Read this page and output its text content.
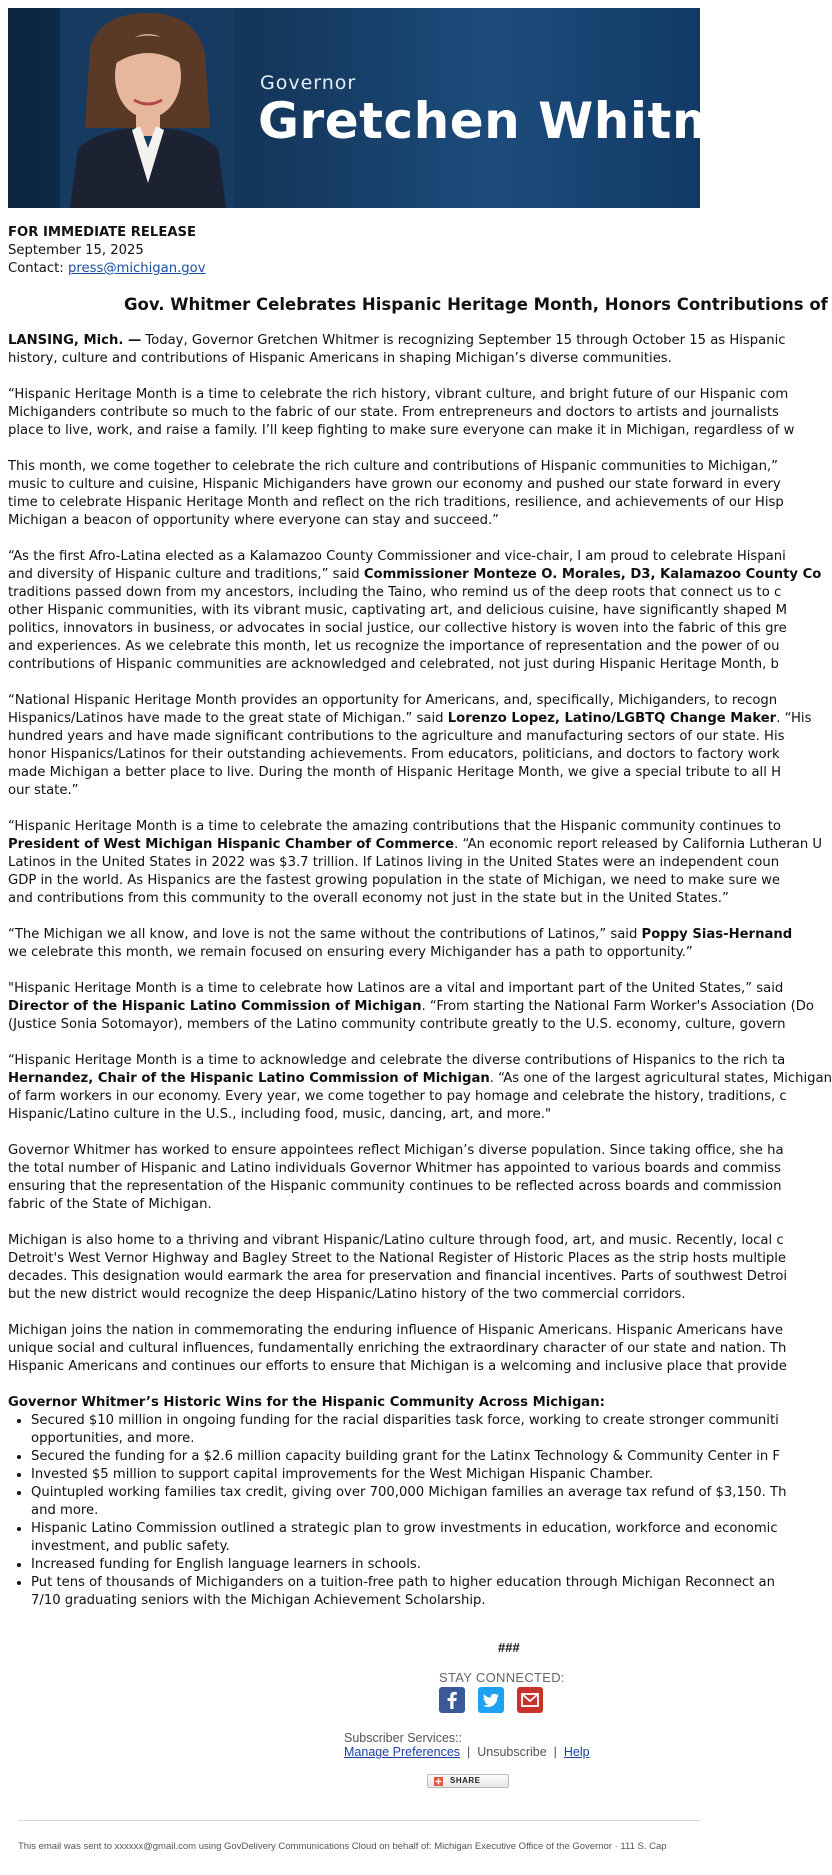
Governor
Gretchen Whitmer
FOR IMMEDIATE RELEASE
September 15, 2025
Contact: press@michigan.gov
Gov. Whitmer Celebrates Hispanic Heritage Month, Honors Contributions of

LANSING, Mich. — Today, Governor Gretchen Whitmer is recognizing September 15 through October 15 as Hispanic
history, culture and contributions of Hispanic Americans in shaping Michigan’s diverse communities.

“Hispanic Heritage Month is a time to celebrate the rich history, vibrant culture, and bright future of our Hispanic com
Michiganders contribute so much to the fabric of our state. From entrepreneurs and doctors to artists and journalists
place to live, work, and raise a family. I’ll keep fighting to make sure everyone can make it in Michigan, regardless of w

This month, we come together to celebrate the rich culture and contributions of Hispanic communities to Michigan,”
music to culture and cuisine, Hispanic Michiganders have grown our economy and pushed our state forward in every
time to celebrate Hispanic Heritage Month and reflect on the rich traditions, resilience, and achievements of our Hisp
Michigan a beacon of opportunity where everyone can stay and succeed.”

“As the first Afro-Latina elected as a Kalamazoo County Commissioner and vice-chair, I am proud to celebrate Hispani
and diversity of Hispanic culture and traditions,” said Commissioner Monteze O. Morales, D3, Kalamazoo County Co
traditions passed down from my ancestors, including the Taino, who remind us of the deep roots that connect us to c
other Hispanic communities, with its vibrant music, captivating art, and delicious cuisine, have significantly shaped M
politics, innovators in business, or advocates in social justice, our collective history is woven into the fabric of this gre
and experiences. As we celebrate this month, let us recognize the importance of representation and the power of ou
contributions of Hispanic communities are acknowledged and celebrated, not just during Hispanic Heritage Month, b

“National Hispanic Heritage Month provides an opportunity for Americans, and, specifically, Michiganders, to recogn
Hispanics/Latinos have made to the great state of Michigan.” said Lorenzo Lopez, Latino/LGBTQ Change Maker. “His
hundred years and have made significant contributions to the agriculture and manufacturing sectors of our state. His
honor Hispanics/Latinos for their outstanding achievements. From educators, politicians, and doctors to factory work
made Michigan a better place to live. During the month of Hispanic Heritage Month, we give a special tribute to all H
our state.”

“Hispanic Heritage Month is a time to celebrate the amazing contributions that the Hispanic community continues to
President of West Michigan Hispanic Chamber of Commerce. “An economic report released by California Lutheran U
Latinos in the United States in 2022 was $3.7 trillion. If Latinos living in the United States were an independent coun
GDP in the world. As Hispanics are the fastest growing population in the state of Michigan, we need to make sure we
and contributions from this community to the overall economy not just in the state but in the United States.”

“The Michigan we all know, and love is not the same without the contributions of Latinos,” said Poppy Sias-Hernand
we celebrate this month, we remain focused on ensuring every Michigander has a path to opportunity.”

"Hispanic Heritage Month is a time to celebrate how Latinos are a vital and important part of the United States,” said
Director of the Hispanic Latino Commission of Michigan. “From starting the National Farm Worker's Association (Do
(Justice Sonia Sotomayor), members of the Latino community contribute greatly to the U.S. economy, culture, govern

“Hispanic Heritage Month is a time to acknowledge and celebrate the diverse contributions of Hispanics to the rich ta
Hernandez, Chair of the Hispanic Latino Commission of Michigan. “As one of the largest agricultural states, Michigan
of farm workers in our economy. Every year, we come together to pay homage and celebrate the history, traditions, c
Hispanic/Latino culture in the U.S., including food, music, dancing, art, and more."

Governor Whitmer has worked to ensure appointees reflect Michigan’s diverse population. Since taking office, she ha
the total number of Hispanic and Latino individuals Governor Whitmer has appointed to various boards and commiss
ensuring that the representation of the Hispanic community continues to be reflected across boards and commission
fabric of the State of Michigan.

Michigan is also home to a thriving and vibrant Hispanic/Latino culture through food, art, and music. Recently, local c
Detroit's West Vernor Highway and Bagley Street to the National Register of Historic Places as the strip hosts multiple
decades. This designation would earmark the area for preservation and financial incentives. Parts of southwest Detroi
but the new district would recognize the deep Hispanic/Latino history of the two commercial corridors.

Michigan joins the nation in commemorating the enduring influence of Hispanic Americans. Hispanic Americans have
unique social and cultural influences, fundamentally enriching the extraordinary character of our state and nation. Th
Hispanic Americans and continues our efforts to ensure that Michigan is a welcoming and inclusive place that provide

Governor Whitmer’s Historic Wins for the Hispanic Community Across Michigan:
• Secured $10 million in ongoing funding for the racial disparities task force, working to create stronger communiti
opportunities, and more.
• Secured the funding for a $2.6 million capacity building grant for the Latinx Technology & Community Center in F
• Invested $5 million to support capital improvements for the West Michigan Hispanic Chamber.
• Quintupled working families tax credit, giving over 700,000 Michigan families an average tax refund of $3,150. Th
and more.
• Hispanic Latino Commission outlined a strategic plan to grow investments in education, workforce and economic
investment, and public safety.
• Increased funding for English language learners in schools.
• Put tens of thousands of Michiganders on a tuition-free path to higher education through Michigan Reconnect an
7/10 graduating seniors with the Michigan Achievement Scholarship.
###
STAY CONNECTED:
Subscriber Services::
Manage Preferences  |  Unsubscribe  |  Help
SHARE
This email was sent to xxxxxx@gmail.com using GovDelivery Communications Cloud on behalf of: Michigan Executive Office of the Governor · 111 S. Cap
